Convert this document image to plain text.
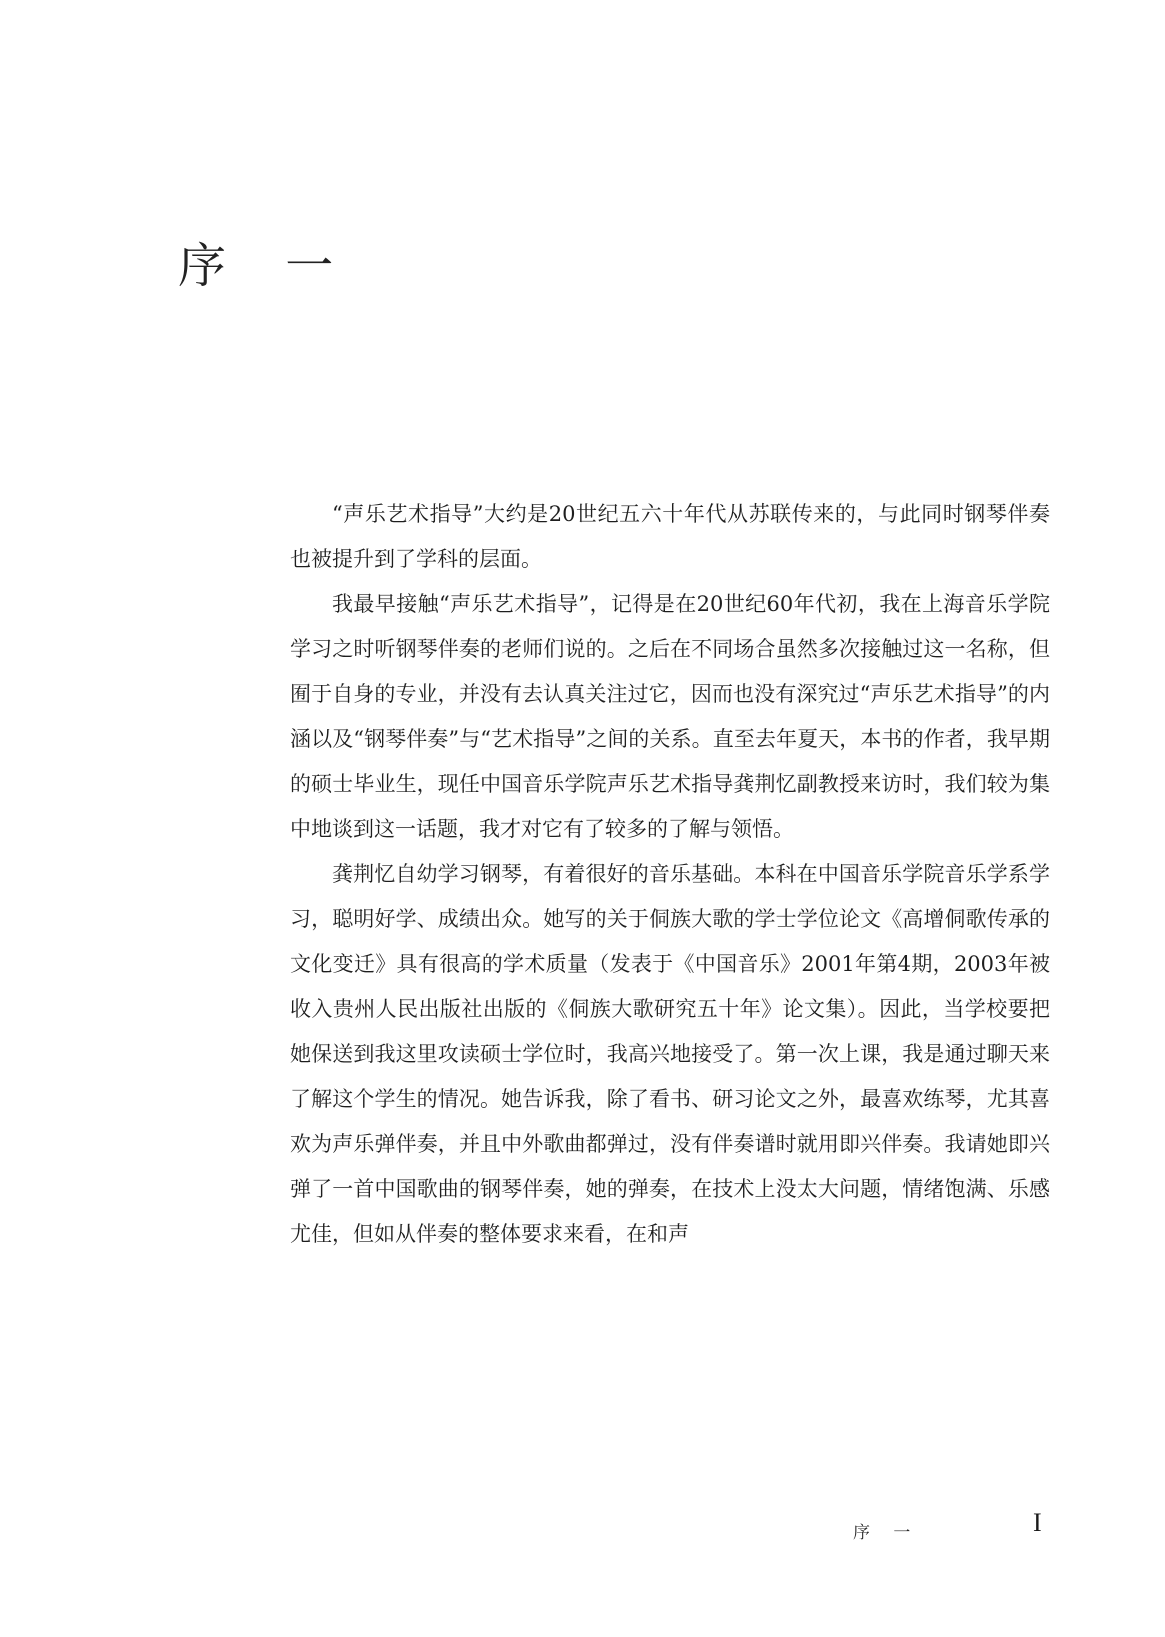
序 一

“声乐艺术指导”大约是20世纪五六十年代从苏联传来的，与此同时钢琴伴奏也被提升到了学科的层面。

我最早接触“声乐艺术指导”，记得是在20世纪60年代初，我在上海音乐学院学习之时听钢琴伴奏的老师们说的。之后在不同场合虽然多次接触过这一名称，但囿于自身的专业，并没有去认真关注过它，因而也没有深究过“声乐艺术指导”的内涵以及“钢琴伴奏”与“艺术指导”之间的关系。直至去年夏天，本书的作者，我早期的硕士毕业生，现任中国音乐学院声乐艺术指导龚荆忆副教授来访时，我们较为集中地谈到这一话题，我才对它有了较多的了解与领悟。

龚荆忆自幼学习钢琴，有着很好的音乐基础。本科在中国音乐学院音乐学系学习，聪明好学、成绩出众。她写的关于侗族大歌的学士学位论文《高增侗歌传承的文化变迁》具有很高的学术质量（发表于《中国音乐》2001年第4期，2003年被收入贵州人民出版社出版的《侗族大歌研究五十年》论文集）。因此，当学校要把她保送到我这里攻读硕士学位时，我高兴地接受了。第一次上课，我是通过聊天来了解这个学生的情况。她告诉我，除了看书、研习论文之外，最喜欢练琴，尤其喜欢为声乐弹伴奏，并且中外歌曲都弹过，没有伴奏谱时就用即兴伴奏。我请她即兴弹了一首中国歌曲的钢琴伴奏，她的弹奏，在技术上没太大问题，情绪饱满、乐感尤佳，但如从伴奏的整体要求来看，在和声

序 一	I
